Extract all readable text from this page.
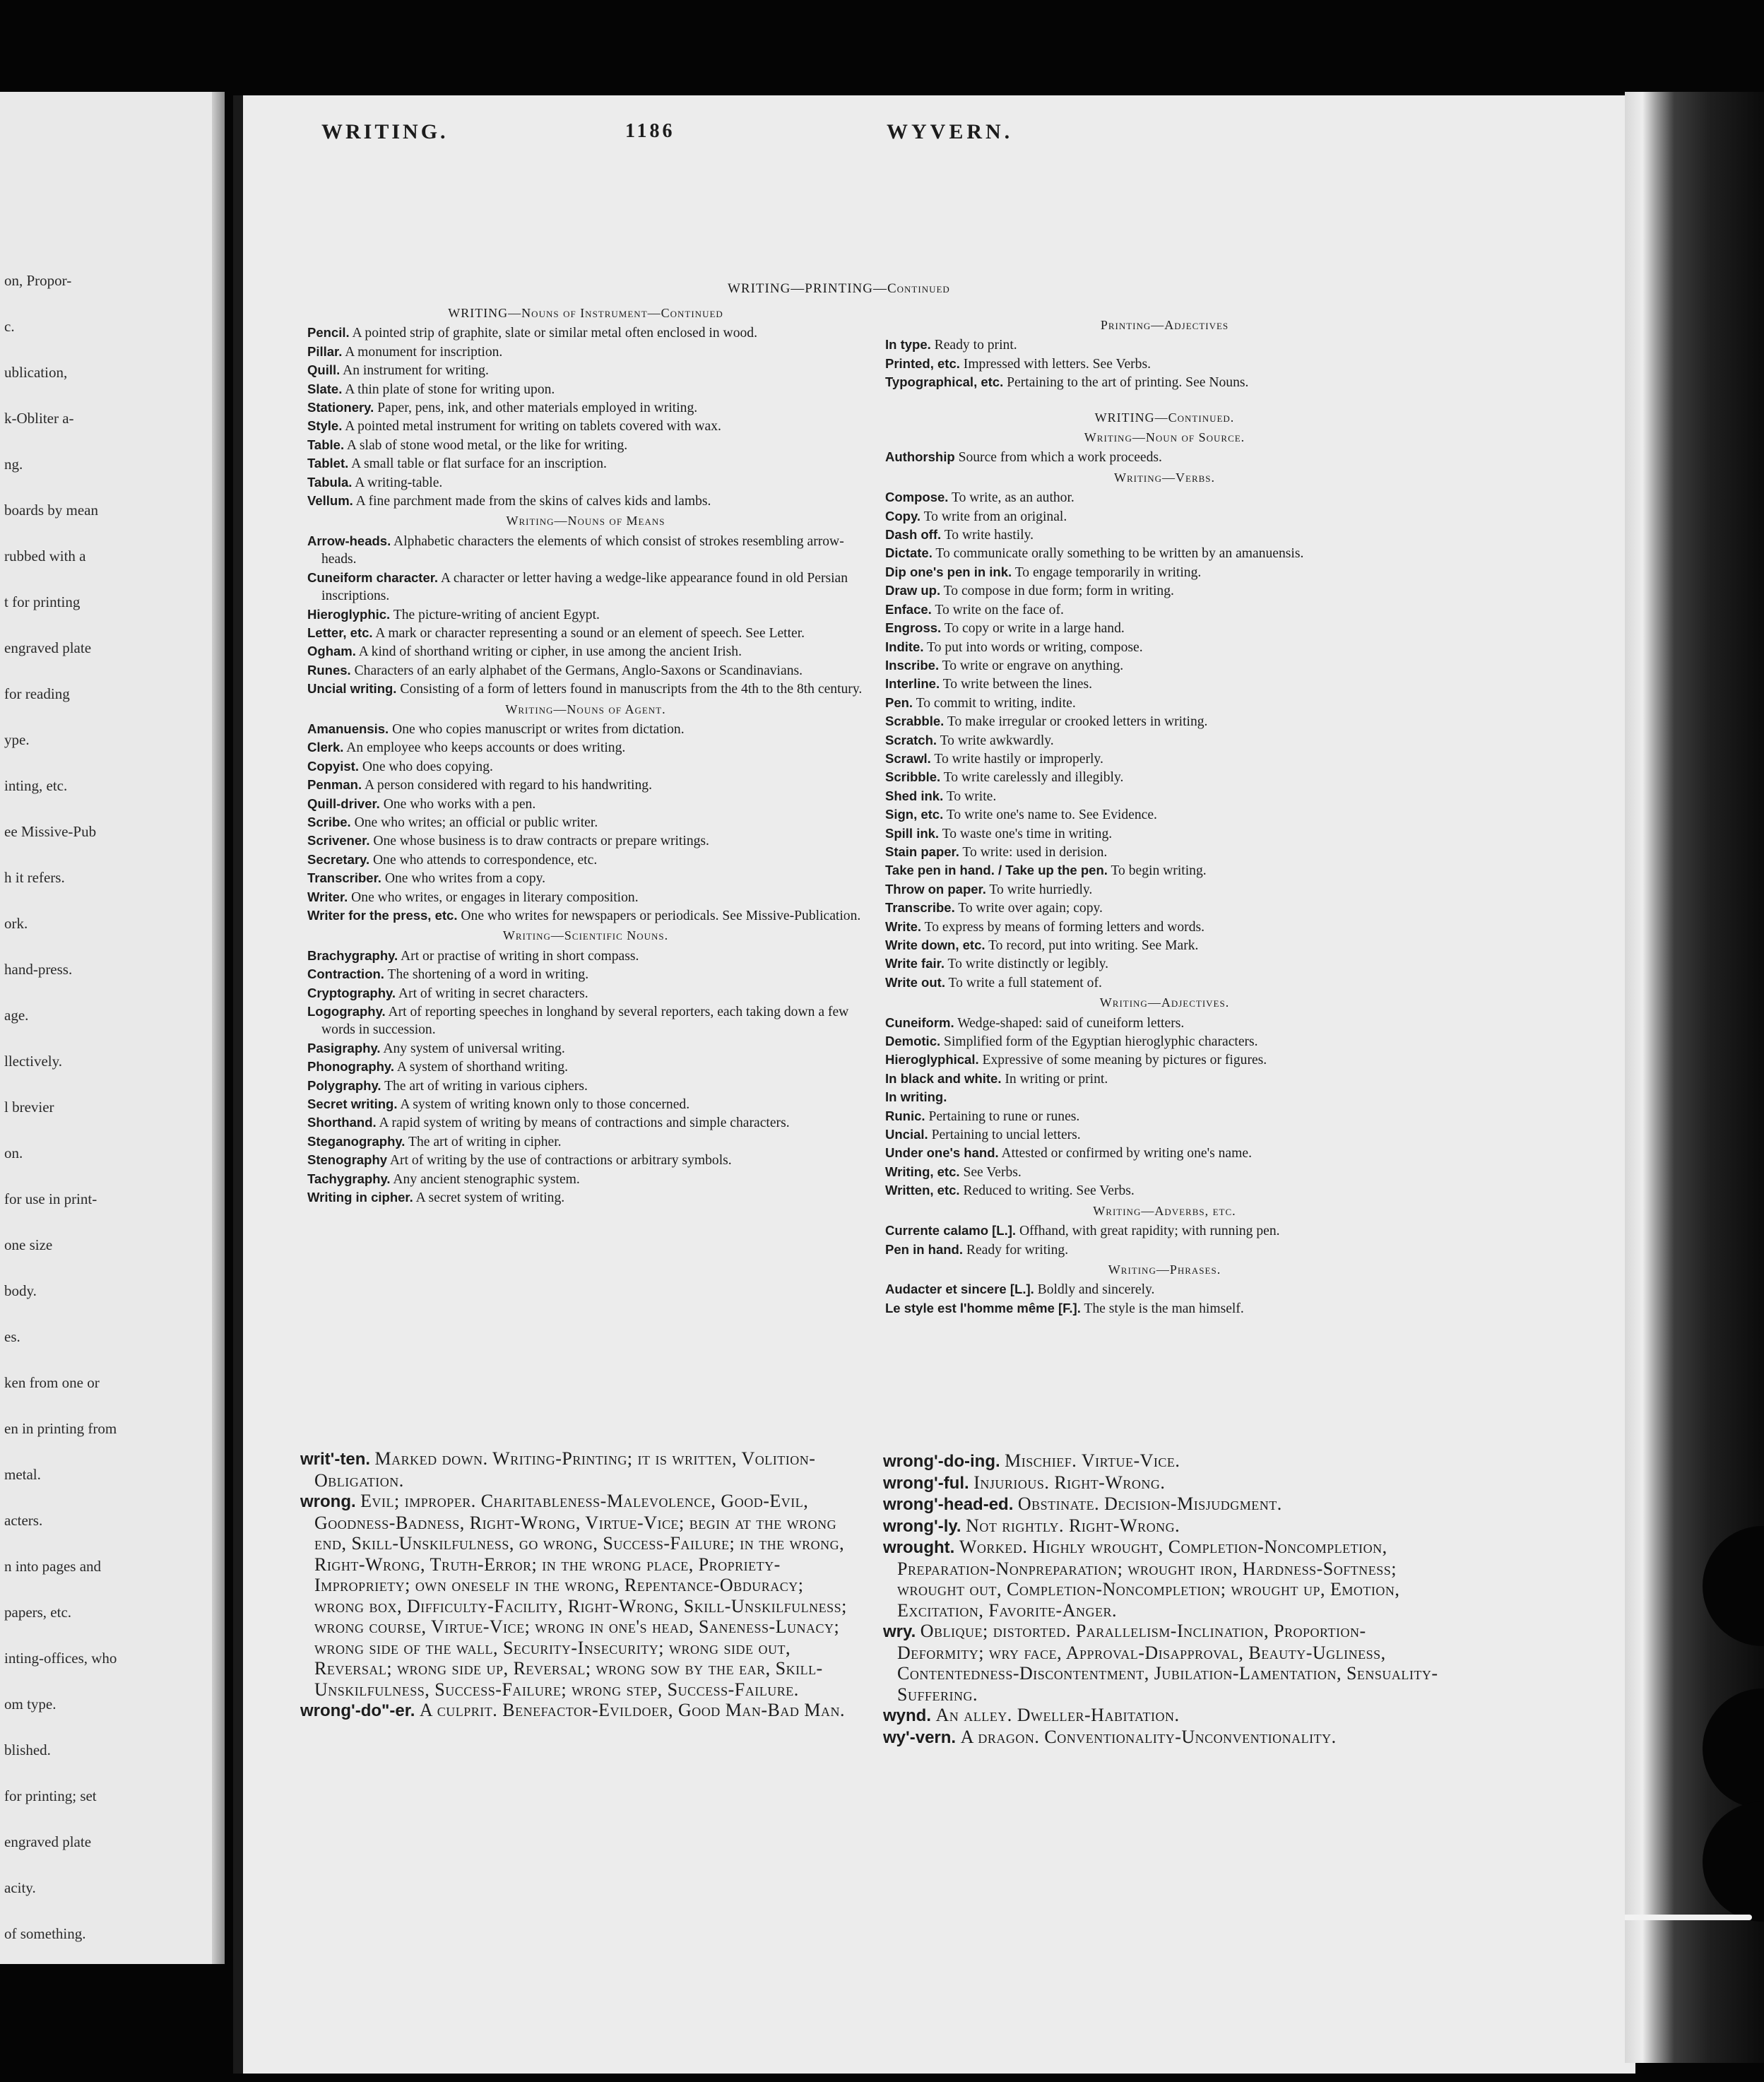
on, Propor-
c.
ublication,
k-Obliter a-
ng.
boards by mean
rubbed with a
t for printing
engraved plate
for reading
ype.
inting, etc.
ee Missive-Pub
h it refers.
ork.
hand-press.
age.
llectively.
l brevier
on.
for use in print-
one size
body.
es.
ken from one or
en in printing from
metal.
acters.
n into pages and
papers, etc.
inting-offices, who
om type.
blished.
for printing; set
engraved plate
acity.
of something.
WRITING.	1186	WYVERN.
WRITING—PRINTING—Continued
WRITING—Nouns of Instrument—Continued

Pencil. A pointed strip of graphite, slate or similar metal often enclosed in wood.

Pillar. A monument for inscription.

Quill. An instrument for writing.

Slate. A thin plate of stone for writing upon.

Stationery. Paper, pens, ink, and other materials employed in writing.

Style. A pointed metal instrument for writing on tablets covered with wax.

Table. A slab of stone wood metal, or the like for writing.

Tablet. A small table or flat surface for an inscription.

Tabula. A writing-table.

Vellum. A fine parchment made from the skins of calves kids and lambs.

Writing—Nouns of Means

Arrow-heads. Alphabetic characters the elements of which consist of strokes resembling arrow-heads.

Cuneiform character. A character or letter having a wedge-like appearance found in old Persian inscriptions.

Hieroglyphic. The picture-writing of ancient Egypt.

Letter, etc. A mark or character representing a sound or an element of speech. See Letter.

Ogham. A kind of shorthand writing or cipher, in use among the ancient Irish.

Runes. Characters of an early alphabet of the Germans, Anglo-Saxons or Scandinavians.

Uncial writing. Consisting of a form of letters found in manuscripts from the 4th to the 8th century.

Writing—Nouns of Agent.

Amanuensis. One who copies manuscript or writes from dictation.

Clerk. An employee who keeps accounts or does writing.

Copyist. One who does copying.

Penman. A person considered with regard to his handwriting.

Quill-driver. One who works with a pen.

Scribe. One who writes; an official or public writer.

Scrivener. One whose business is to draw contracts or prepare writings.

Secretary. One who attends to correspondence, etc.

Transcriber. One who writes from a copy.

Writer. One who writes, or engages in literary composition.

Writer for the press, etc. One who writes for newspapers or periodicals. See Missive-Publication.

Writing—Scientific Nouns.

Brachygraphy. Art or practise of writing in short compass.

Contraction. The shortening of a word in writing.

Cryptography. Art of writing in secret characters.

Logography. Art of reporting speeches in longhand by several reporters, each taking down a few words in succession.

Pasigraphy. Any system of universal writing.

Phonography. A system of shorthand writing.

Polygraphy. The art of writing in various ciphers.

Secret writing. A system of writing known only to those concerned.

Shorthand. A rapid system of writing by means of contractions and simple characters.

Steganography. The art of writing in cipher.

Stenography Art of writing by the use of contractions or arbitrary symbols.

Tachygraphy. Any ancient stenographic system.

Writing in cipher. A secret system of writing.

Printing—Adjectives

In type. Ready to print.

Printed, etc. Impressed with letters. See Verbs.

Typographical, etc. Pertaining to the art of printing. See Nouns.

WRITING—Continued.
Writing—Noun of Source.

Authorship Source from which a work proceeds.

Writing—Verbs.

Compose. To write, as an author.

Copy. To write from an original.

Dash off. To write hastily.

Dictate. To communicate orally something to be written by an amanuensis.

Dip one's pen in ink. To engage temporarily in writing.

Draw up. To compose in due form; form in writing.

Enface. To write on the face of.

Engross. To copy or write in a large hand.

Indite. To put into words or writing, compose.

Inscribe. To write or engrave on anything.

Interline. To write between the lines.

Pen. To commit to writing, indite.

Scrabble. To make irregular or crooked letters in writing.

Scratch. To write awkwardly.

Scrawl. To write hastily or improperly.

Scribble. To write carelessly and illegibly.

Shed ink. To write.

Sign, etc. To write one's name to. See Evidence.

Spill ink. To waste one's time in writing.

Stain paper. To write: used in derision.

Take pen in hand. / Take up the pen. To begin writing.

Throw on paper. To write hurriedly.

Transcribe. To write over again; copy.

Write. To express by means of forming letters and words.

Write down, etc. To record, put into writing. See Mark.

Write fair. To write distinctly or legibly.

Write out. To write a full statement of.

Writing—Adjectives.

Cuneiform. Wedge-shaped: said of cuneiform letters.

Demotic. Simplified form of the Egyptian hieroglyphic characters.

Hieroglyphical. Expressive of some meaning by pictures or figures.

In black and white. In writing or print.

In writing.

Runic. Pertaining to rune or runes.

Uncial. Pertaining to uncial letters.

Under one's hand. Attested or confirmed by writing one's name.

Writing, etc. See Verbs.

Written, etc. Reduced to writing. See Verbs.

Writing—Adverbs, etc.

Currente calamo [L.]. Offhand, with great rapidity; with running pen.

Pen in hand. Ready for writing.

Writing—Phrases.

Audacter et sincere [L.]. Boldly and sincerely.

Le style est l'homme même [F.]. The style is the man himself.

writ'-ten. Marked down. Writing-Printing; it is written, Volition-Obligation.

wrong. Evil; improper. Charitableness-Malevolence, Good-Evil, Goodness-Badness, Right-Wrong, Virtue-Vice; begin at the wrong end, Skill-Unskilfulness, go wrong, Success-Failure; in the wrong, Right-Wrong, Truth-Error; in the wrong place, Propriety-Impropriety; own oneself in the wrong, Repentance-Obduracy; wrong box, Difficulty-Facility, Right-Wrong, Skill-Unskilfulness; wrong course, Virtue-Vice; wrong in one's head, Saneness-Lunacy; wrong side of the wall, Security-Insecurity; wrong side out, Reversal; wrong side up, Reversal; wrong sow by the ear, Skill-Unskilfulness, Success-Failure; wrong step, Success-Failure.

wrong'-do"-er. A culprit. Benefactor-Evildoer, Good Man-Bad Man.

wrong'-do-ing. Mischief. Virtue-Vice.

wrong'-ful. Injurious. Right-Wrong.

wrong'-head-ed. Obstinate. Decision-Misjudgment.

wrong'-ly. Not rightly. Right-Wrong.

wrought. Worked. Highly wrought, Completion-Noncompletion, Preparation-Nonpreparation; wrought iron, Hardness-Softness; wrought out, Completion-Noncompletion; wrought up, Emotion, Excitation, Favorite-Anger.

wry. Oblique; distorted. Parallelism-Inclination, Proportion-Deformity; wry face, Approval-Disapproval, Beauty-Ugliness, Contentedness-Discontentment, Jubilation-Lamentation, Sensuality-Suffering.

wynd. An alley. Dweller-Habitation.

wy'-vern. A dragon. Conventionality-Unconventionality.
